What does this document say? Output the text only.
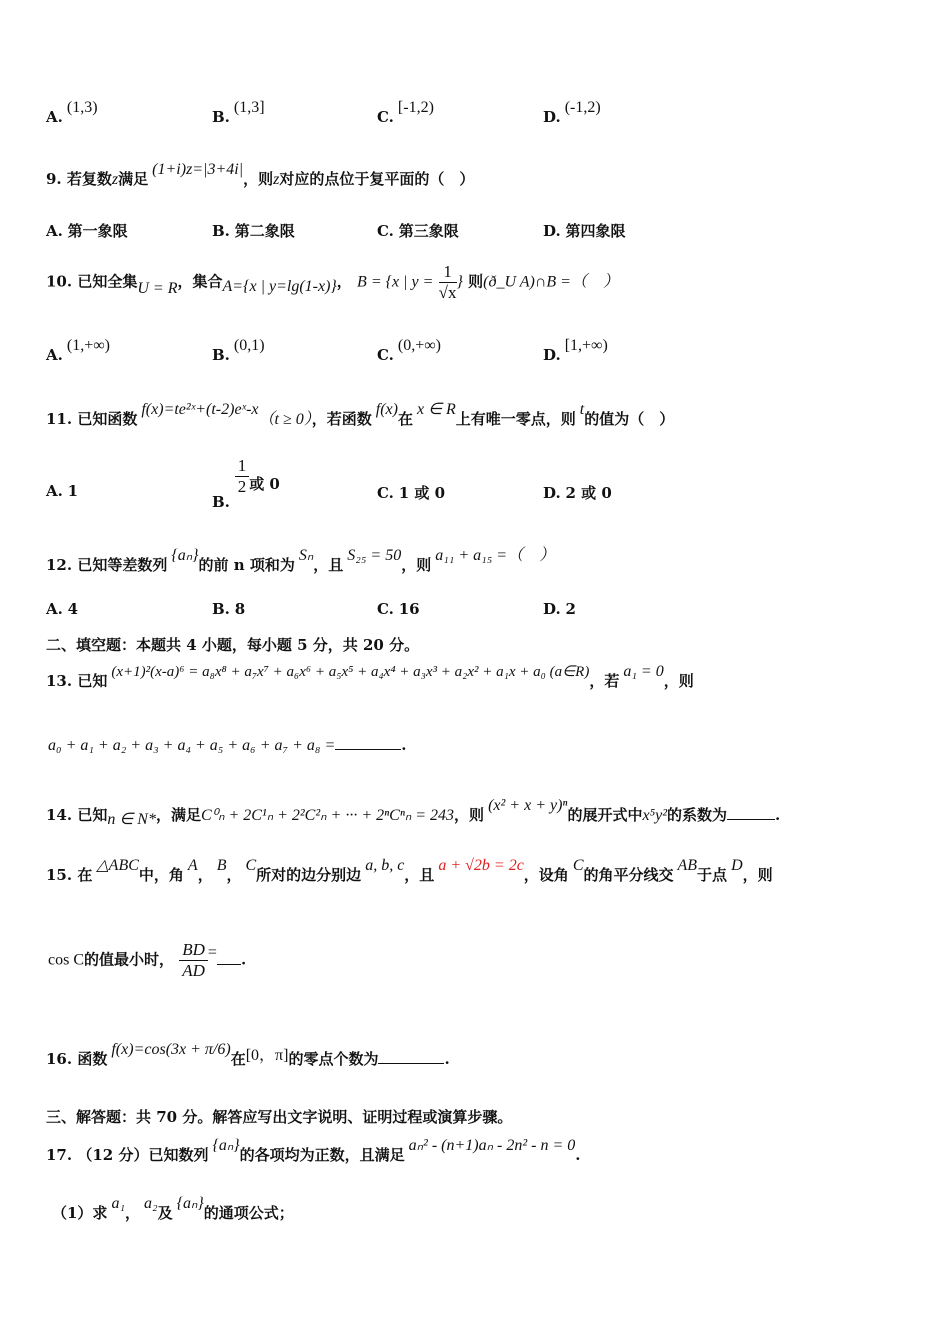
A.(1,3)
B.(1,3]
C.[-1,2)
D.(-1,2)
9. 若复数z满足(1+i)z=|3+4i|，则z对应的点位于复平面的（　）
A. 第一象限	B. 第二象限	C. 第三象限	D. 第四象限
10. 已知全集U = R，集合A={x | y=lg(1-x)}， B = {x | $y = \frac{1}{√x}$ } 则(ð_U A)∩B =（　）
A.(1,+∞)
B.(0,1)
C.(0,+∞)
D.[1,+∞)
11. 已知函数f(x)=te²ˣ+(t-2)eˣ-x（t ≥ 0），若函数f(x)在x ∈ R上有唯一零点，则t的值为（　）
A. 1
B.
$\frac{1}{2}$ 或 0
C. 1 或 0	D. 2 或 0
12. 已知等差数列{aₙ}的前 n 项和为Sₙ，且S₂₅ = 50，则a₁₁ + a₁₅ =（　）
A. 4	B. 8	C. 16	D. 2
二、填空题：本题共 4 小题，每小题 5 分，共 20 分。
13. 已知 (x+1)²(x-a)⁶ = a₈x⁸ + a₇x⁷ + a₆x⁶ + a₅x⁵ + a₄x⁴ + a₃x³ + a₂x² + a₁x + a₀ (a∈R)，若a₁ = 0，则
a₀ + a₁ + a₂ + a₃ + a₄ + a₅ + a₆ + a₇ + a₈ =	.
14. 已知n ∈ N*，满足C⁰ₙ + 2C¹ₙ + 2²C²ₙ + ··· + 2ⁿCⁿₙ = 243，则(x² + x + y)ⁿ的展开式中x⁵y²的系数为	.
15. 在△ABC中，角A，B，C所对的边分别边a, b, c，且a + √2b = 2c，设角C的角平分线交AB于点D，则
cos C的值最小时， $\frac{BD}{AD}$ = .
16. 函数f(x)=cos(3x + π/6)在[0，π]的零点个数为	.
三、解答题：共 70 分。解答应写出文字说明、证明过程或演算步骤。
17. （12 分）已知数列{aₙ}的各项均为正数，且满足aₙ² - (n+1)aₙ - 2n² - n = 0.
（1）求a₁，a₂及{aₙ}的通项公式；
